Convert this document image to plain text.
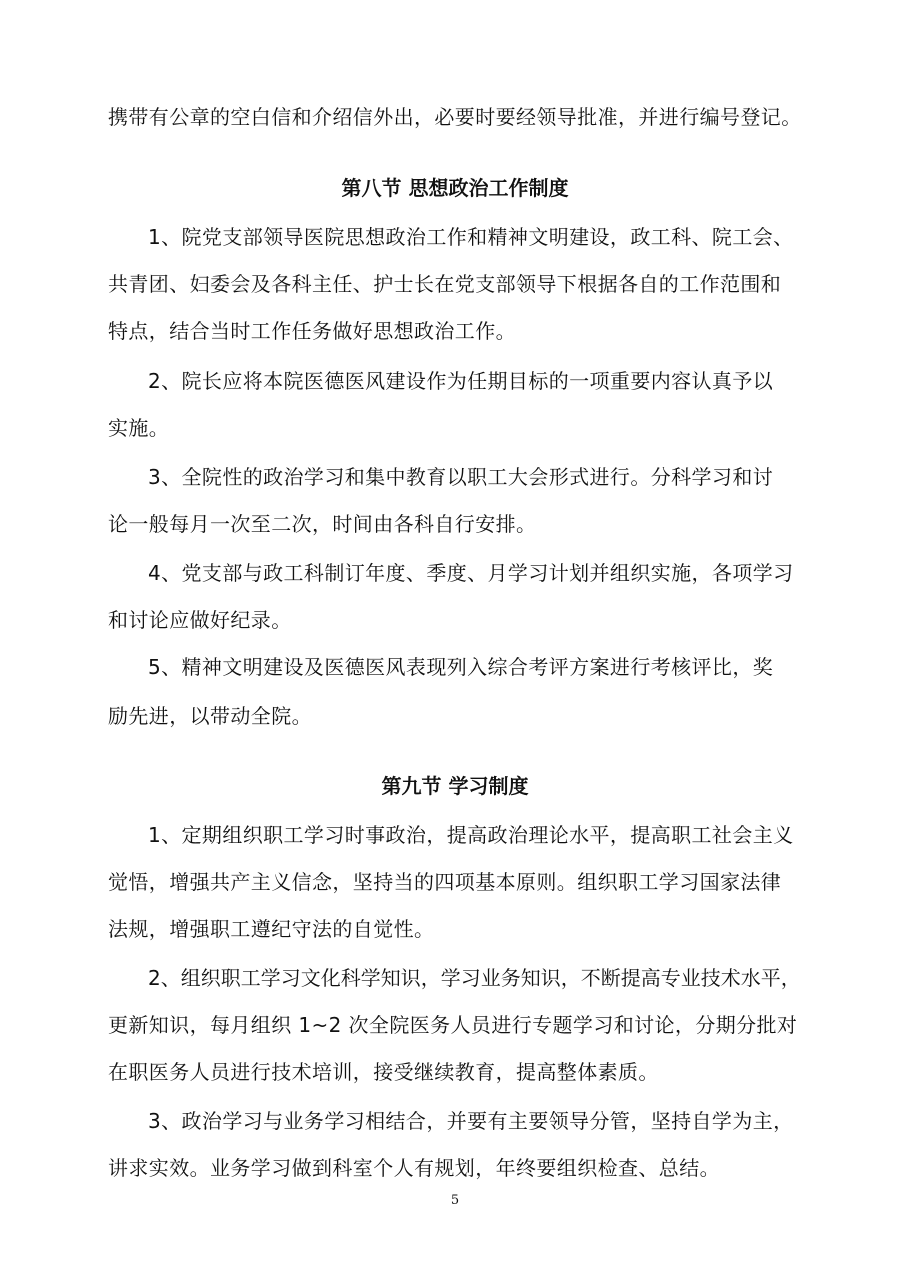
携带有公章的空白信和介绍信外出，必要时要经领导批准，并进行编号登记。
第八节 思想政治工作制度
1、院党支部领导医院思想政治工作和精神文明建设，政工科、院工会、
共青团、妇委会及各科主任、护士长在党支部领导下根据各自的工作范围和
特点，结合当时工作任务做好思想政治工作。
2、院长应将本院医德医风建设作为任期目标的一项重要内容认真予以
实施。
3、全院性的政治学习和集中教育以职工大会形式进行。分科学习和讨
论一般每月一次至二次，时间由各科自行安排。
4、党支部与政工科制订年度、季度、月学习计划并组织实施，各项学习
和讨论应做好纪录。
5、精神文明建设及医德医风表现列入综合考评方案进行考核评比，奖
励先进，以带动全院。
第九节 学习制度
1、定期组织职工学习时事政治，提高政治理论水平，提高职工社会主义
觉悟，增强共产主义信念，坚持当的四项基本原则。组织职工学习国家法律
法规，增强职工遵纪守法的自觉性。
2、组织职工学习文化科学知识，学习业务知识，不断提高专业技术水平，
更新知识，每月组织 1~2 次全院医务人员进行专题学习和讨论，分期分批对
在职医务人员进行技术培训，接受继续教育，提高整体素质。
3、政治学习与业务学习相结合，并要有主要领导分管，坚持自学为主，
讲求实效。业务学习做到科室个人有规划，年终要组织检查、总结。
5
